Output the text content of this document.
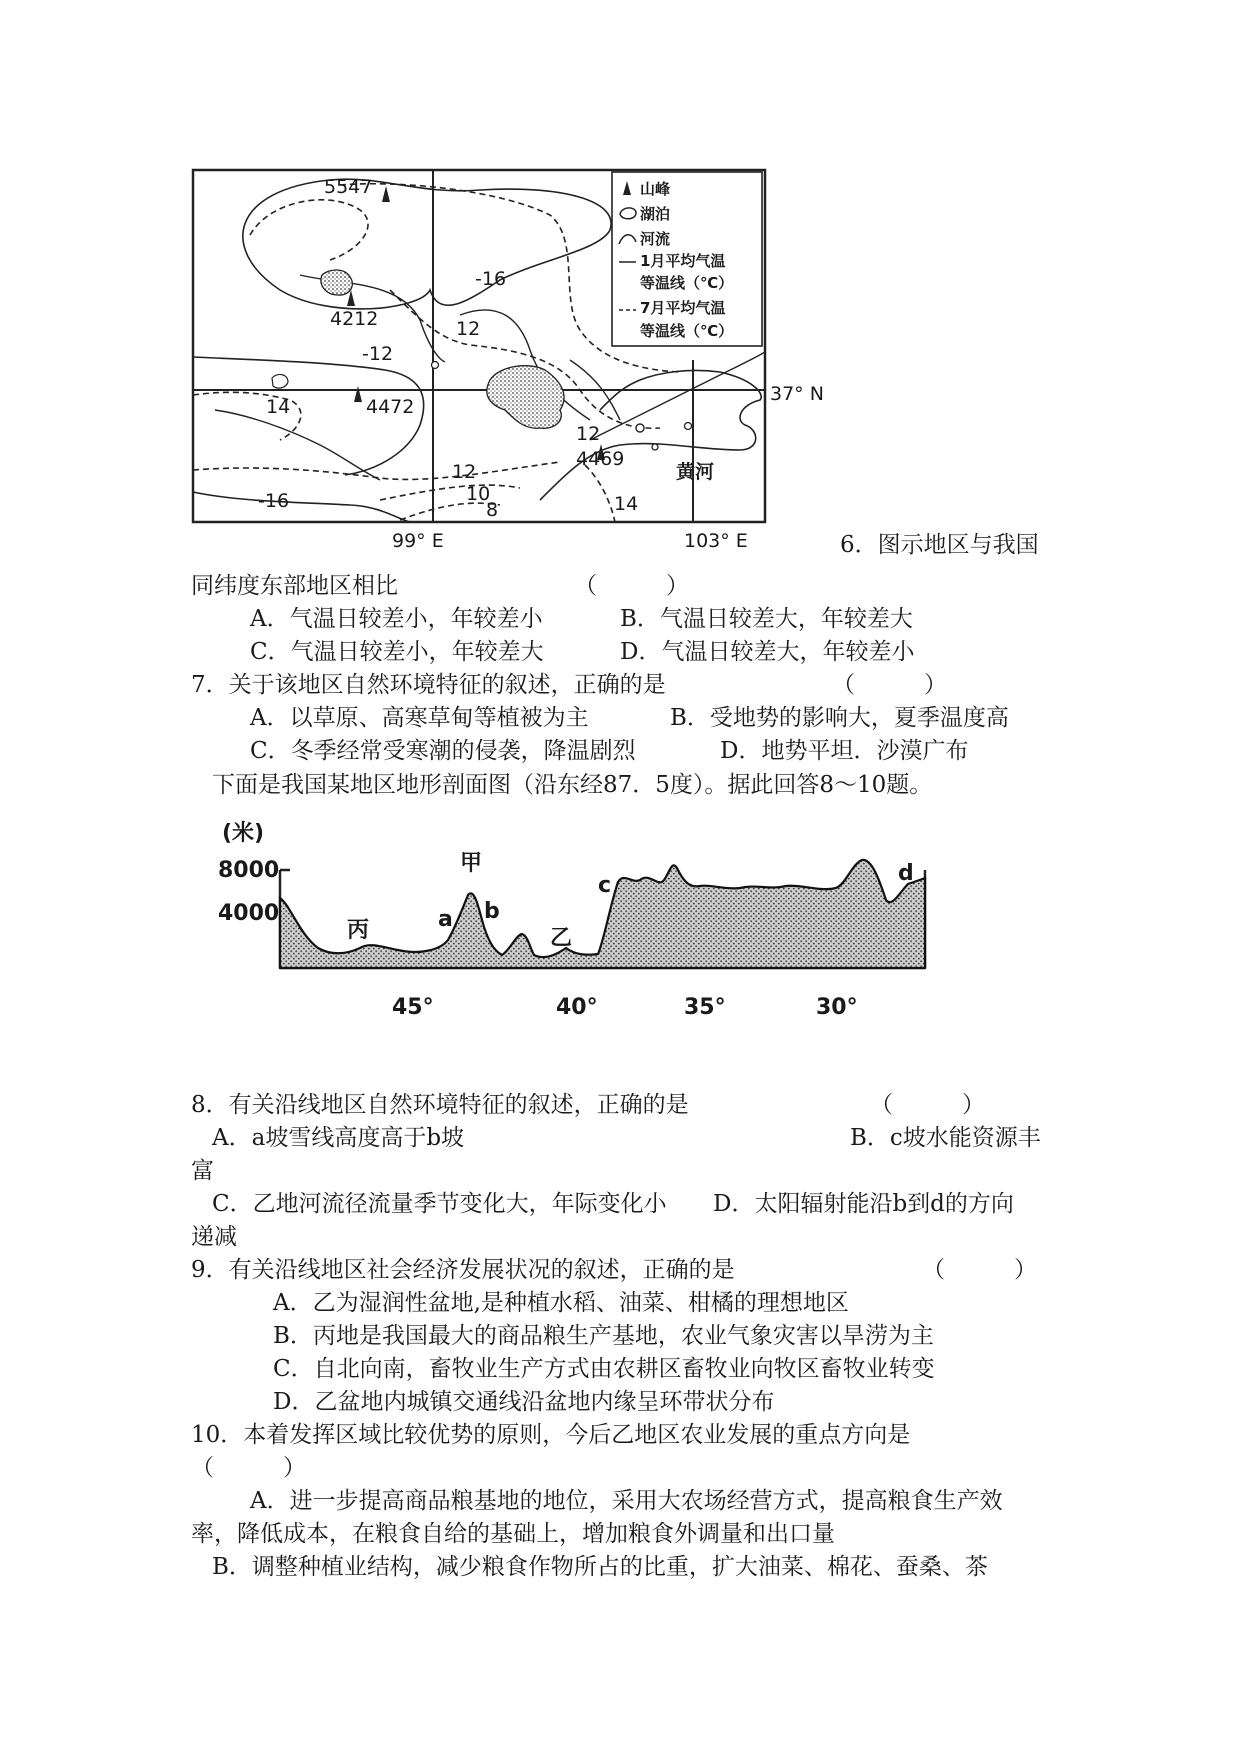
5547
4212
4472
4469
-16
12
-12
14
12
12
10
8
-16	14
37° N
99° E	103° E
黄河
山峰
湖泊
河流
1月平均气温
等温线（℃）
7月平均气温
等温线（℃）
6．图示地区与我国
同纬度东部地区相比	（　　　）
A．气温日较差小，年较差小	B．气温日较差大，年较差大
C．气温日较差小，年较差大	D．气温日较差大，年较差小
7．关于该地区自然环境特征的叙述，正确的是	（　　　）
A．以草原、高寒草甸等植被为主	B．受地势的影响大，夏季温度高
C．冬季经常受寒潮的侵袭，降温剧烈	D．地势平坦．沙漠广布
下面是我国某地区地形剖面图（沿东经87．5度）。据此回答8～10题。
(米)
8000
4000
甲
乙
丙	a b
c	d
45°	40°	35°	30°
8．有关沿线地区自然环境特征的叙述，正确的是	（　　　）
A．a坡雪线高度高于b坡	B．c坡水能资源丰
富
C．乙地河流径流量季节变化大，年际变化小 D．太阳辐射能沿b到d的方向
递减
9．有关沿线地区社会经济发展状况的叙述，正确的是	（　　　）
A．乙为湿润性盆地,是种植水稻、油菜、柑橘的理想地区
B．丙地是我国最大的商品粮生产基地，农业气象灾害以旱涝为主
C．自北向南，畜牧业生产方式由农耕区畜牧业向牧区畜牧业转变
D．乙盆地内城镇交通线沿盆地内缘呈环带状分布
10．本着发挥区域比较优势的原则，今后乙地区农业发展的重点方向是
（　　　）
A．进一步提高商品粮基地的地位，采用大农场经营方式，提高粮食生产效
率，降低成本，在粮食自给的基础上，增加粮食外调量和出口量
B．调整种植业结构，减少粮食作物所占的比重，扩大油菜、棉花、蚕桑、茶
